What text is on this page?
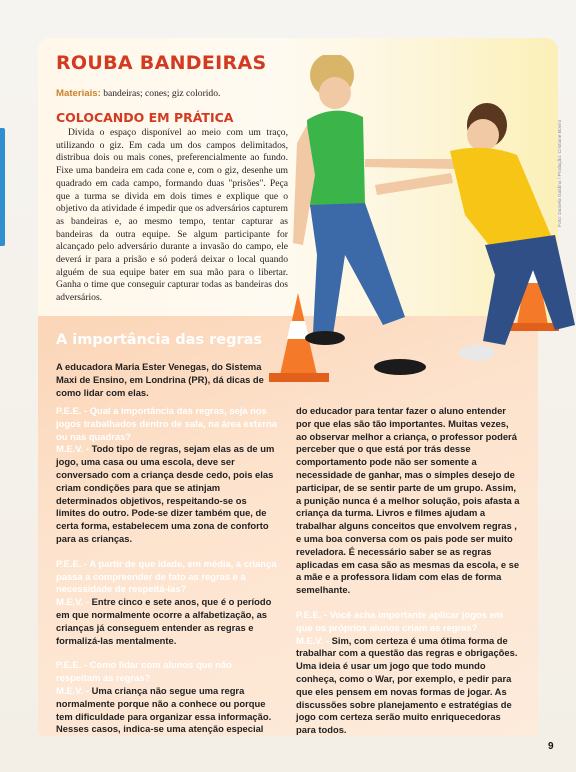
ROUBA BANDEIRAS
Materiais: bandeiras; cones; giz colorido.
COLOCANDO EM PRÁTICA

Divida o espaço disponível ao meio com um traço, utilizando o giz. Em cada um dos campos delimitados, distribua dois ou mais cones, preferencialmente ao fundo. Fixe uma bandeira em cada cone e, com o giz, desenhe um quadrado em cada campo, formando duas "prisões". Peça que a turma se divida em dois times e explique que o objetivo da atividade é impedir que os adversários capturem as bandeiras e, ao mesmo tempo, tentar capturar as bandeiras da outra equipe. Se algum participante for alcançado pelo adversário durante a invasão do campo, ele deverá ir para a prisão e só poderá deixar o local quando alguém de sua equipe bater em sua mão para o libertar. Ganha o time que conseguir capturar todas as bandeiras dos adversários.

Foto: Daniela Galdino / Produção: Cristiane Bovini
A importância das regras

A educadora Maria Ester Venegas, do Sistema Maxi de Ensino, em Londrina (PR), dá dicas de como lidar com elas.

P.E.E. - Qual a importância das regras, seja nos jogos trabalhados dentro de sala, na área externa ou nas quadras?
M.E.V. - Todo tipo de regras, sejam elas as de um jogo, uma casa ou uma escola, deve ser conversado com a criança desde cedo, pois elas criam condições para que se atinjam determinados objetivos, respeitando-se os limites do outro. Pode-se dizer também que, de certa forma, estabelecem uma zona de conforto para as crianças.
P.E.E. - A partir de que idade, em média, a criança passa a compreender de fato as regras e a necessidade de respeitá-las?
M.E.V. - Entre cinco e sete anos, que é o período em que normalmente ocorre a alfabetização, as crianças já conseguem entender as regras e formalizá-las mentalmente.
P.E.E. - Como lidar com alunos que não respeitam as regras?
M.E.V. - Uma criança não segue uma regra normalmente porque não a conhece ou porque tem dificuldade para organizar essa informação. Nesses casos, indica-se uma atenção especial
do educador para tentar fazer o aluno entender por que elas são tão importantes. Muitas vezes, ao observar melhor a criança, o professor poderá perceber que o que está por trás desse comportamento pode não ser somente a necessidade de ganhar, mas o simples desejo de participar, de se sentir parte de um grupo. Assim, a punição nunca é a melhor solução, pois afasta a criança da turma. Livros e filmes ajudam a trabalhar alguns conceitos que envolvem regras , e uma boa conversa com os pais pode ser muito reveladora. É necessário saber se as regras aplicadas em casa são as mesmas da escola, e se a mãe e a professora lidam com elas de forma semelhante.
P.E.E. - Você acha importante aplicar jogos em que os próprios alunos criam as regras?
M.E.V. - Sim, com certeza é uma ótima forma de trabalhar com a questão das regras e obrigações. Uma ideia é usar um jogo que todo mundo conheça, como o War, por exemplo, e pedir para que eles pensem em novas formas de jogar. As discussões sobre planejamento e estratégias de jogo com certeza serão muito enriquecedoras para todos.
9
